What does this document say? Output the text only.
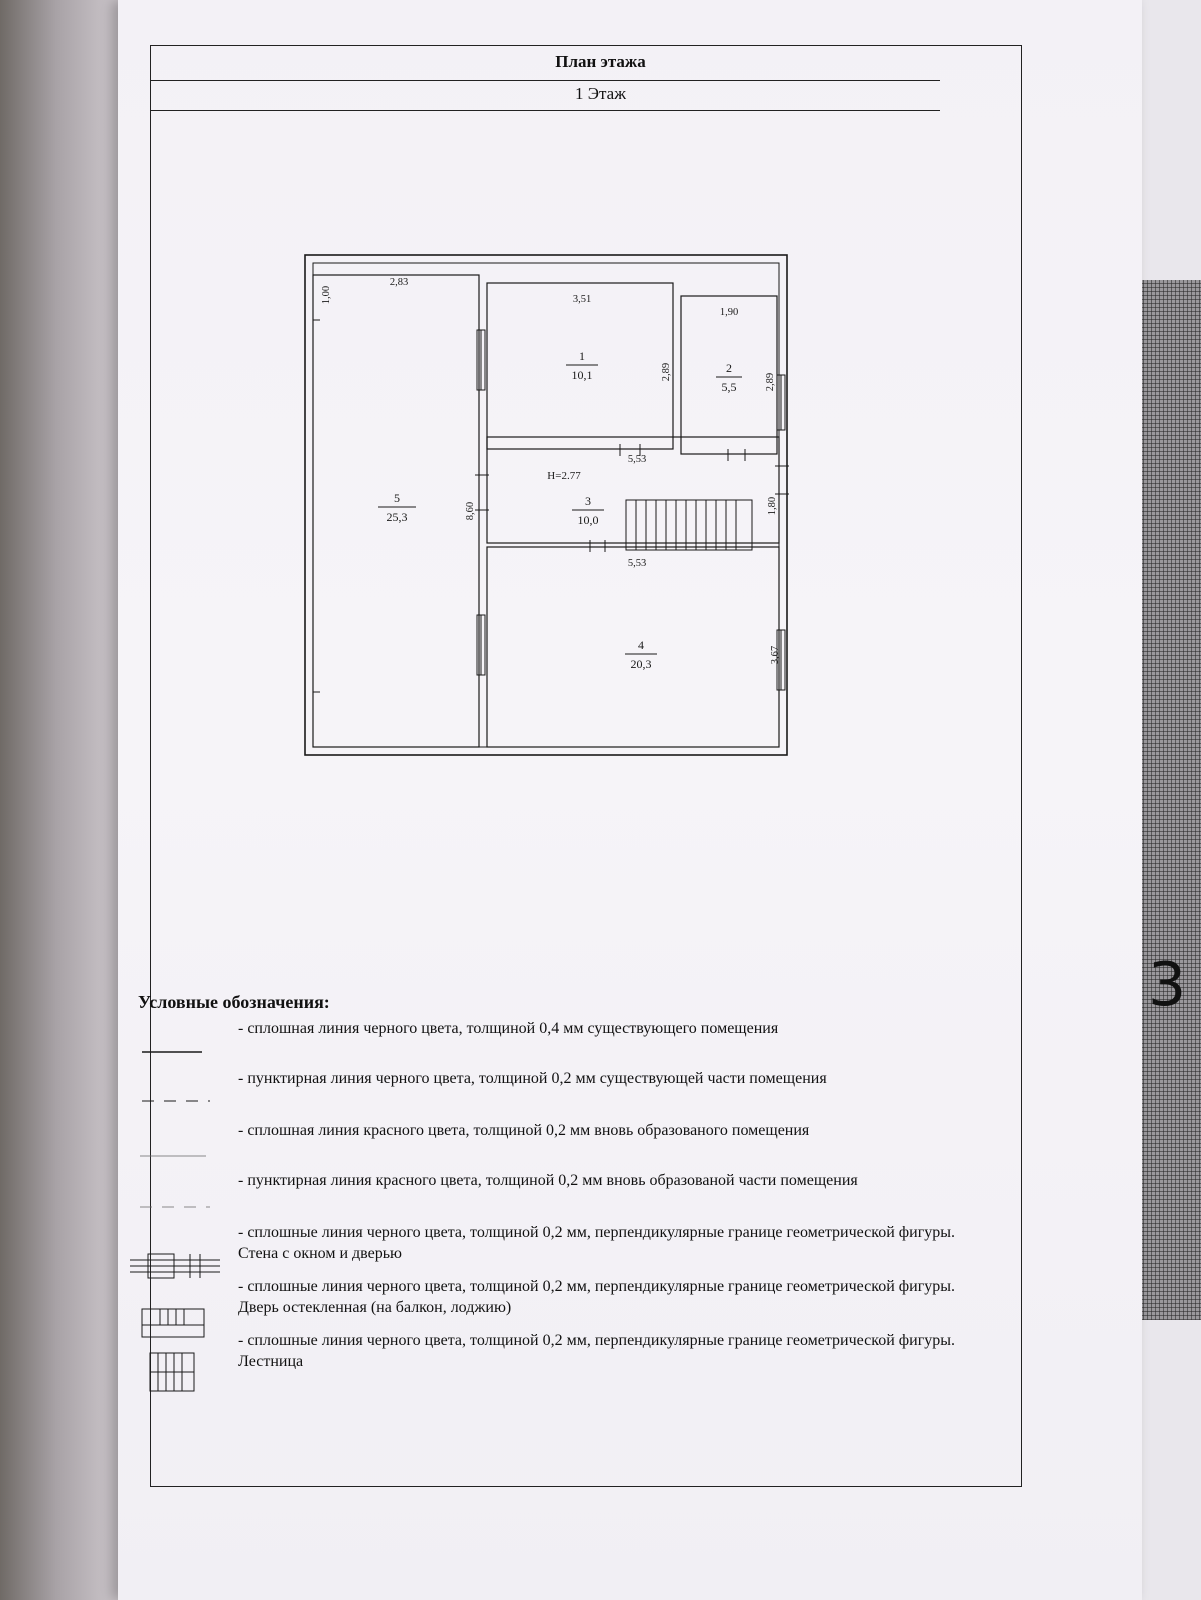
3
План этажа
1 Этаж
1
10,1	2
5,5
3
10,0
4
20,3
5
25,3
H=2.77
2,83
3,51
1,90
5,53
5,53
1,00
2,89
2,89
8,60	1,80
3,67
Условные обозначения:
- сплошная линия черного цвета, толщиной 0,4 мм существующего помещения
- пунктирная линия черного цвета, толщиной 0,2 мм существующей части помещения
- сплошная линия красного цвета, толщиной 0,2 мм вновь образованого помещения
- пунктирная линия красного цвета, толщиной 0,2 мм вновь образованой части помещения
- сплошные линия черного цвета, толщиной 0,2 мм, перпендикулярные границе геометрической фигуры. Стена с окном и дверью
- сплошные линия черного цвета, толщиной 0,2 мм, перпендикулярные границе геометрической фигуры. Дверь остекленная (на балкон, лоджию)
- сплошные линия черного цвета, толщиной 0,2 мм, перпендикулярные границе геометрической фигуры. Лестница
